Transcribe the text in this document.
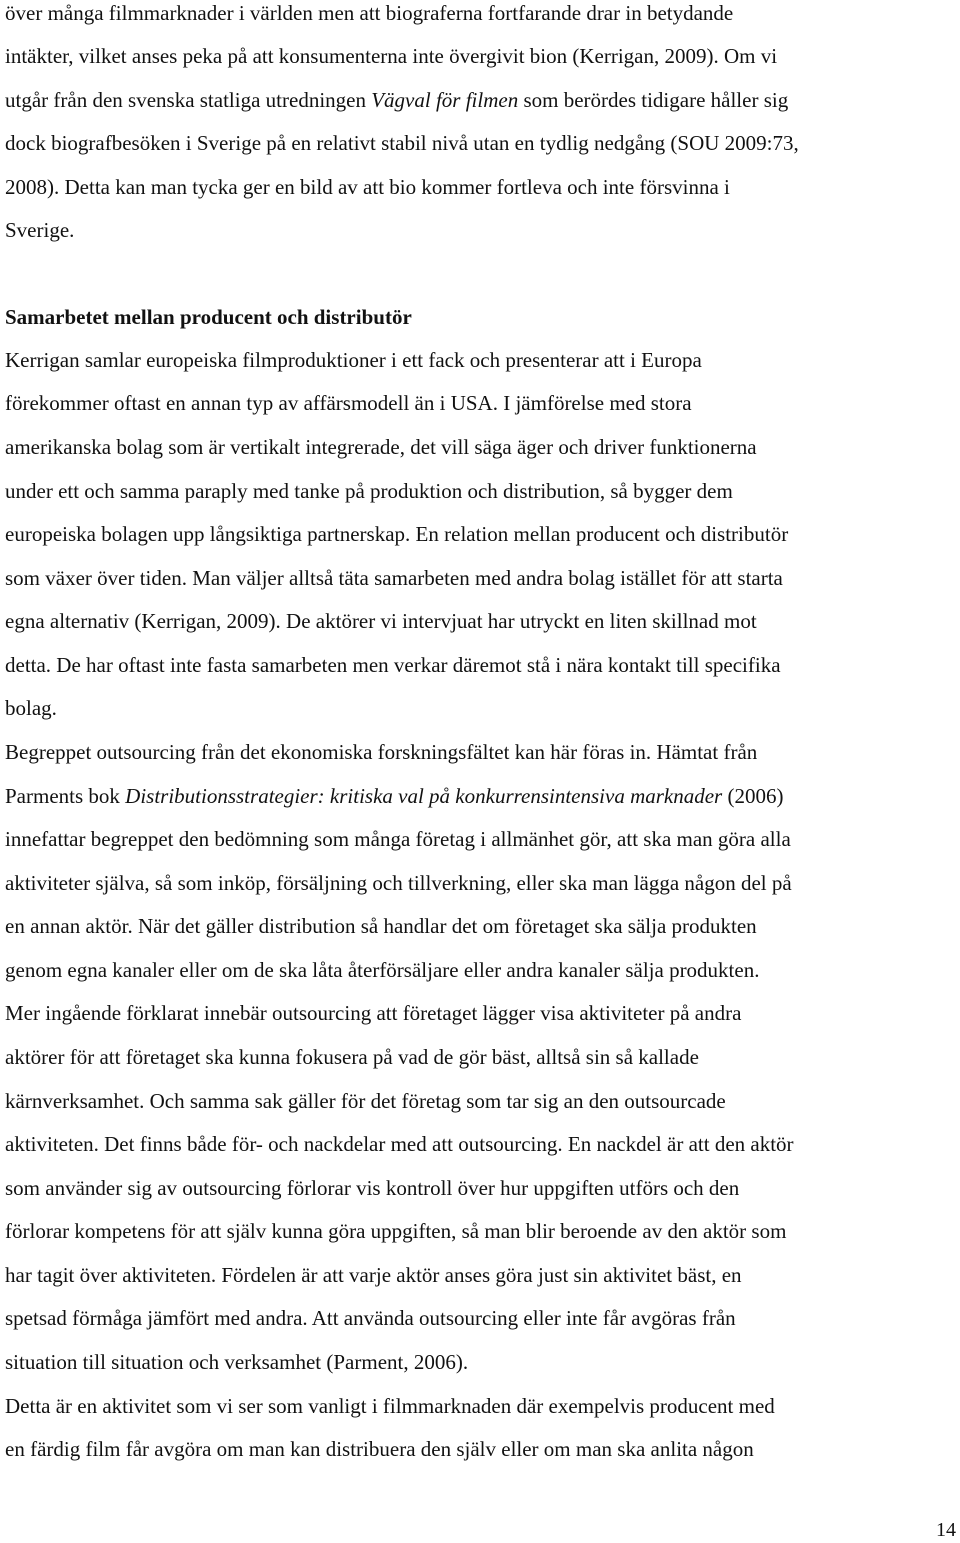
över många filmmarknader i världen men att biograferna fortfarande drar in betydande
intäkter, vilket anses peka på att konsumenterna inte övergivit bion (Kerrigan, 2009). Om vi
utgår från den svenska statliga utredningen Vägval för filmen som berördes tidigare håller sig
dock biografbesöken i Sverige på en relativt stabil nivå utan en tydlig nedgång (SOU 2009:73,
2008). Detta kan man tycka ger en bild av att bio kommer fortleva och inte försvinna i
Sverige.
Samarbetet mellan producent och distributör
Kerrigan samlar europeiska filmproduktioner i ett fack och presenterar att i Europa
förekommer oftast en annan typ av affärsmodell än i USA. I jämförelse med stora
amerikanska bolag som är vertikalt integrerade, det vill säga äger och driver funktionerna
under ett och samma paraply med tanke på produktion och distribution, så bygger dem
europeiska bolagen upp långsiktiga partnerskap. En relation mellan producent och distributör
som växer över tiden. Man väljer alltså täta samarbeten med andra bolag istället för att starta
egna alternativ (Kerrigan, 2009). De aktörer vi intervjuat har utryckt en liten skillnad mot
detta. De har oftast inte fasta samarbeten men verkar däremot stå i nära kontakt till specifika
bolag.
Begreppet outsourcing från det ekonomiska forskningsfältet kan här föras in. Hämtat från
Parments bok Distributionsstrategier: kritiska val på konkurrensintensiva marknader (2006)
innefattar begreppet den bedömning som många företag i allmänhet gör, att ska man göra alla
aktiviteter själva, så som inköp, försäljning och tillverkning, eller ska man lägga någon del på
en annan aktör. När det gäller distribution så handlar det om företaget ska sälja produkten
genom egna kanaler eller om de ska låta återförsäljare eller andra kanaler sälja produkten.
Mer ingående förklarat innebär outsourcing att företaget lägger visa aktiviteter på andra
aktörer för att företaget ska kunna fokusera på vad de gör bäst, alltså sin så kallade
kärnverksamhet. Och samma sak gäller för det företag som tar sig an den outsourcade
aktiviteten. Det finns både för- och nackdelar med att outsourcing. En nackdel är att den aktör
som använder sig av outsourcing förlorar vis kontroll över hur uppgiften utförs och den
förlorar kompetens för att själv kunna göra uppgiften, så man blir beroende av den aktör som
har tagit över aktiviteten. Fördelen är att varje aktör anses göra just sin aktivitet bäst, en
spetsad förmåga jämfört med andra. Att använda outsourcing eller inte får avgöras från
situation till situation och verksamhet (Parment, 2006).
Detta är en aktivitet som vi ser som vanligt i filmmarknaden där exempelvis producent med
en färdig film får avgöra om man kan distribuera den själv eller om man ska anlita någon
14
